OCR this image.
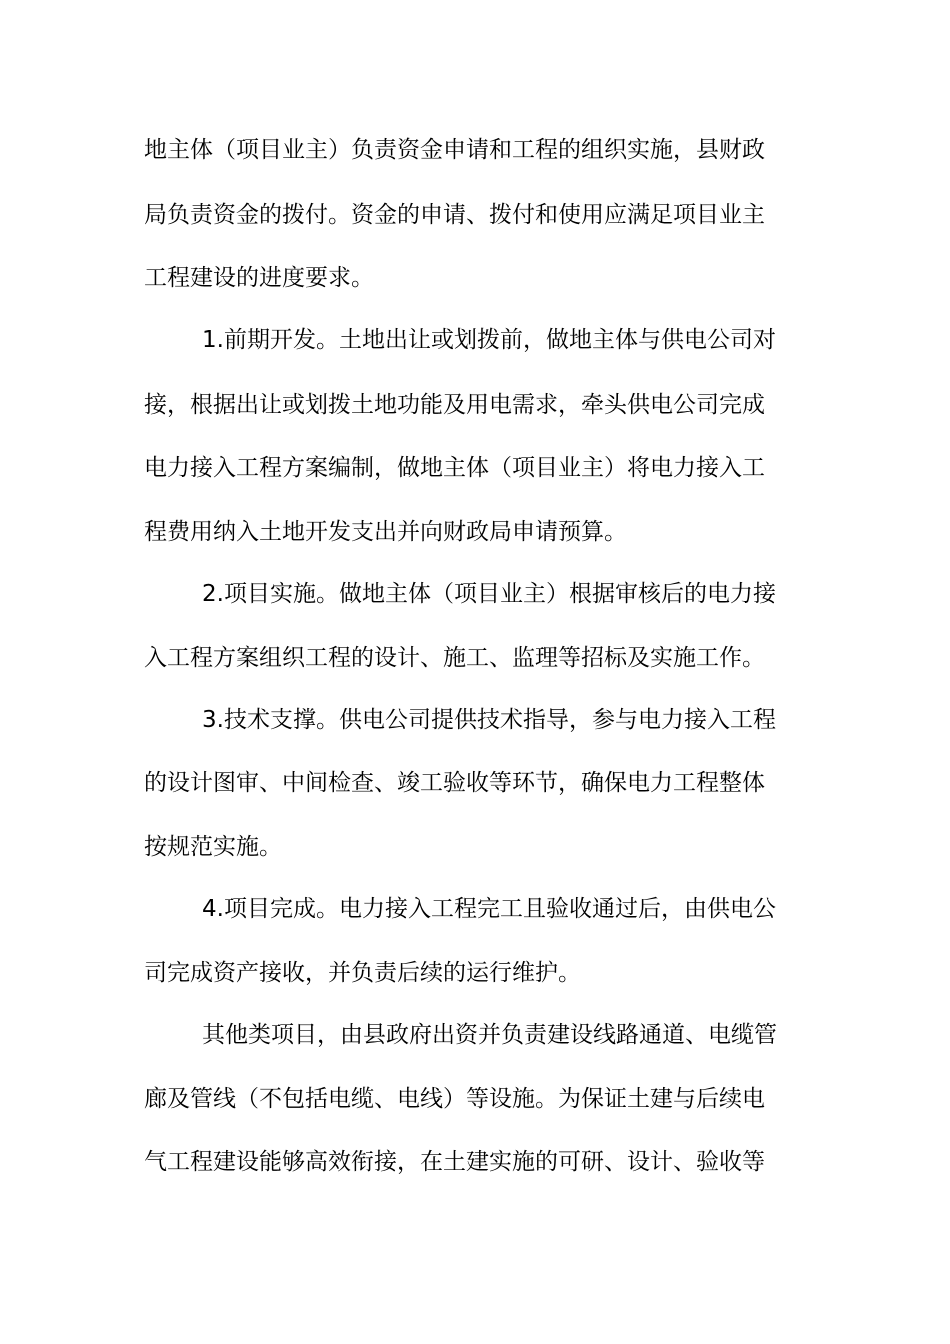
地主体（项目业主）负责资金申请和工程的组织实施，县财政
局负责资金的拨付。资金的申请、拨付和使用应满足项目业主
工程建设的进度要求。
1.前期开发。土地出让或划拨前，做地主体与供电公司对
接，根据出让或划拨土地功能及用电需求，牵头供电公司完成
电力接入工程方案编制，做地主体（项目业主）将电力接入工
程费用纳入土地开发支出并向财政局申请预算。
2.项目实施。做地主体（项目业主）根据审核后的电力接
入工程方案组织工程的设计、施工、监理等招标及实施工作。
3.技术支撑。供电公司提供技术指导，参与电力接入工程
的设计图审、中间检查、竣工验收等环节，确保电力工程整体
按规范实施。
4.项目完成。电力接入工程完工且验收通过后，由供电公
司完成资产接收，并负责后续的运行维护。
其他类项目，由县政府出资并负责建设线路通道、电缆管
廊及管线（不包括电缆、电线）等设施。为保证土建与后续电
气工程建设能够高效衔接，在土建实施的可研、设计、验收等
